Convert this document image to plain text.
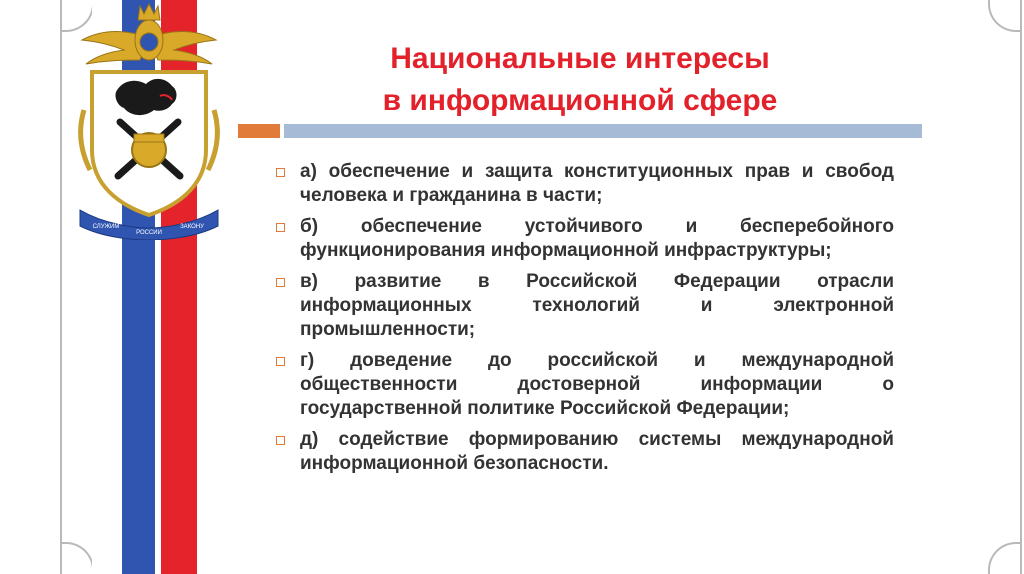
СЛУЖИМ
РОССИИ
ЗАКОНУ
Национальные интересы
в информационной сфере
а) обеспечение и защита конституционных прав и свобод человека и гражданина в части;
б) обеспечение устойчивого и бесперебойного функционирования информационной инфраструктуры;
в) развитие в Российской Федерации отрасли информационных технологий и электронной промышленности;
г) доведение до российской и международной общественности достоверной информации о государственной политике Российской Федерации;
д) содействие формированию системы международной информационной безопасности.
